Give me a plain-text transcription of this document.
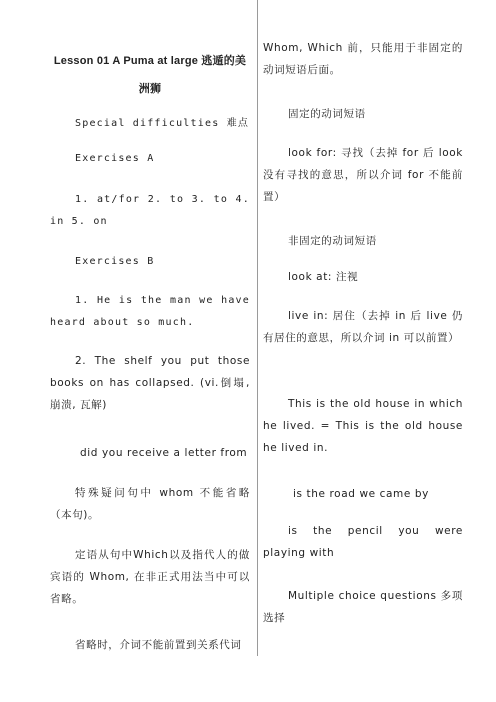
Lesson 01 A Puma at large 逃遁的美洲狮

Special difficulties 难点

Exercises A

1. at/for 2. to 3. to 4. in 5. on

Exercises B

1. He is the man we have heard about so much.

2. The shelf you put those books on has collapsed. (vi.倒塌, 崩溃, 瓦解)

did you receive a letter from

特殊疑问句中 whom 不能省略（本句)。

定语从句中Which以及指代人的做宾语的 Whom, 在非正式用法当中可以省略。

省略时，介词不能前置到关系代词

Whom, Which 前，只能用于非固定的动词短语后面。

固定的动词短语

look for: 寻找（去掉 for 后 look 没有寻找的意思，所以介词 for 不能前置）

非固定的动词短语

look at: 注视

live in: 居住（去掉 in 后 live 仍有居住的意思，所以介词 in 可以前置）

This is the old house in which he lived. = This is the old house he lived in.

is the road we came by

is the pencil you were playing with

Multiple choice questions 多项选择
